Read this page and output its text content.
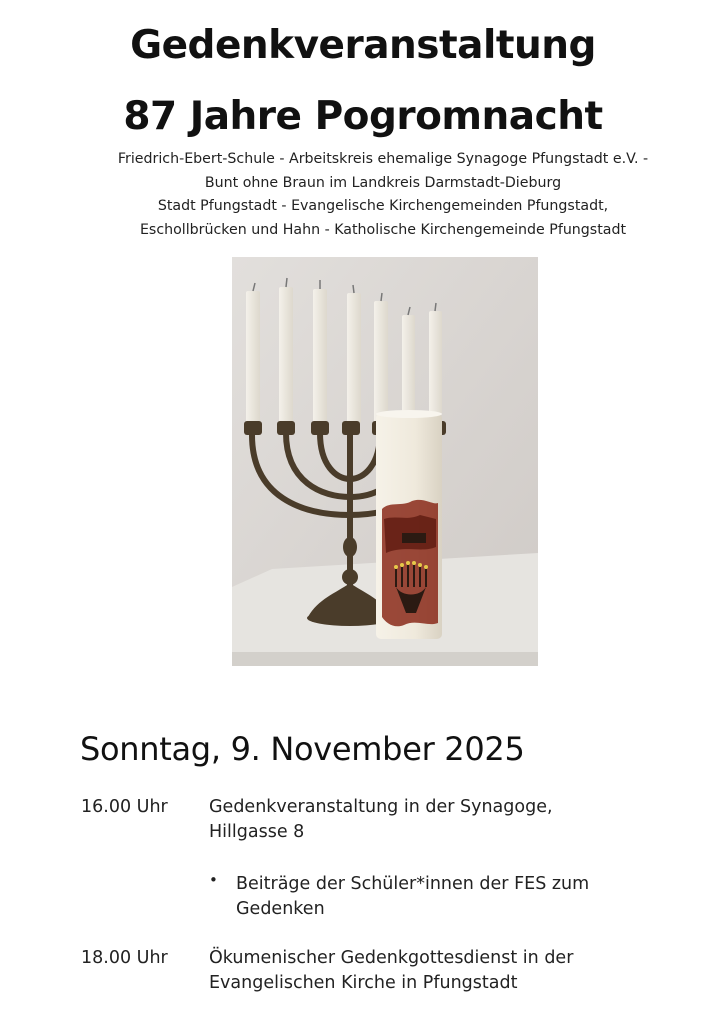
Gedenkveranstaltung
87 Jahre Pogromnacht
Friedrich-Ebert-Schule - Arbeitskreis ehemalige Synagoge Pfungstadt e.V. -
Bunt ohne Braun im Landkreis Darmstadt-Dieburg
Stadt Pfungstadt - Evangelische Kirchengemeinden Pfungstadt,
Eschollbrücken und Hahn - Katholische Kirchengemeinde Pfungstadt
Sonntag, 9. November 2025
16.00 Uhr Gedenkveranstaltung in der Synagoge,
Hillgasse 8
• Beiträge der Schüler*innen der FES zum
Gedenken
18.00 Uhr Ökumenischer Gedenkgottesdienst in der
Evangelischen Kirche in Pfungstadt
